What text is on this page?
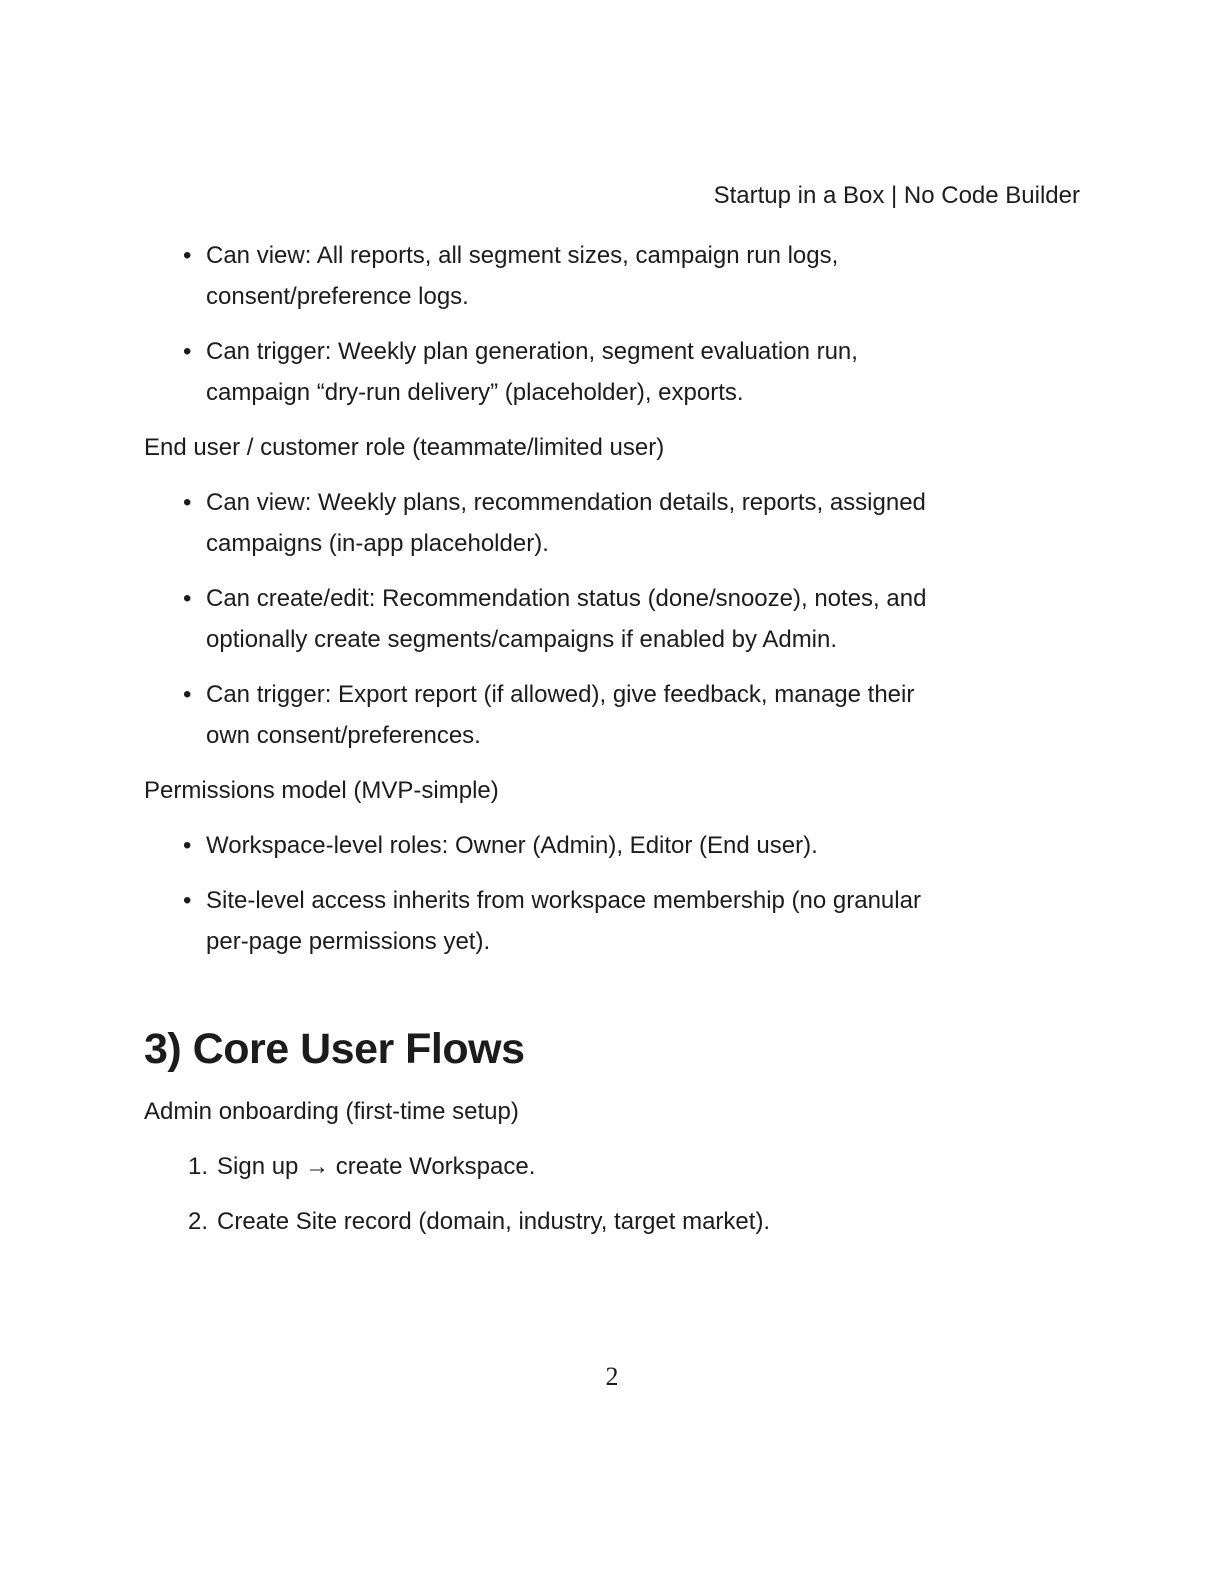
Startup in a Box | No Code Builder
• Can view: All reports, all segment sizes, campaign run logs,
consent/preference logs.
• Can trigger: Weekly plan generation, segment evaluation run,
campaign “dry-run delivery” (placeholder), exports.
End user / customer role (teammate/limited user)
• Can view: Weekly plans, recommendation details, reports, assigned
campaigns (in-app placeholder).
• Can create/edit: Recommendation status (done/snooze), notes, and
optionally create segments/campaigns if enabled by Admin.
• Can trigger: Export report (if allowed), give feedback, manage their
own consent/preferences.
Permissions model (MVP-simple)
• Workspace-level roles: Owner (Admin), Editor (End user).
• Site-level access inherits from workspace membership (no granular
per-page permissions yet).
3) Core User Flows
Admin onboarding (first-time setup)
1. Sign up → create Workspace.
2. Create Site record (domain, industry, target market).
2
